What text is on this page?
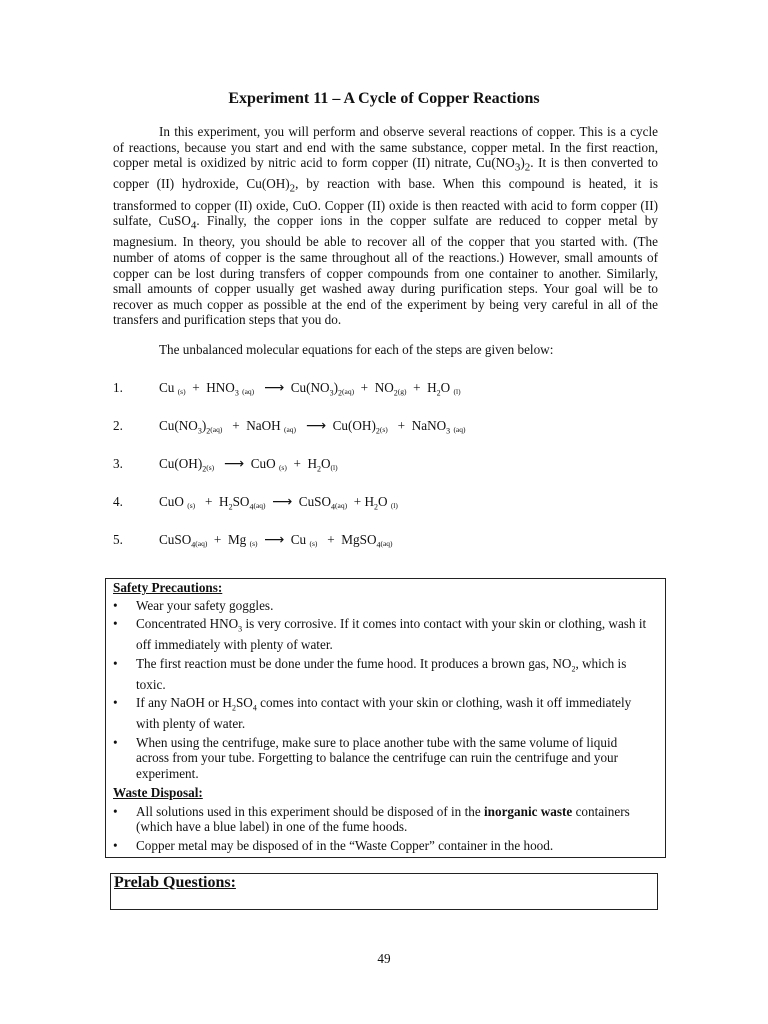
Experiment 11 – A Cycle of Copper Reactions
In this experiment, you will perform and observe several reactions of copper. This is a cycle of reactions, because you start and end with the same substance, copper metal. In the first reaction, copper metal is oxidized by nitric acid to form copper (II) nitrate, $Cu(NO_3)_2$. It is then converted to copper (II) hydroxide, $Cu(OH)_2$, by reaction with base. When this compound is heated, it is transformed to copper (II) oxide, CuO. Copper (II) oxide is then reacted with acid to form copper (II) sulfate, CuSO$_4$. Finally, the copper ions in the copper sulfate are reduced to copper metal by magnesium. In theory, you should be able to recover all of the copper that you started with. (The number of atoms of copper is the same throughout all of the reactions.) However, small amounts of copper can be lost during transfers of copper compounds from one container to another. Similarly, small amounts of copper usually get washed away during purification steps. Your goal will be to recover as much copper as possible at the end of the experiment by being very careful in all of the transfers and purification steps that you do.
The unbalanced molecular equations for each of the steps are given below:
1.	Cu $(s) + HNO_3$ (aq) ⟶  $Cu(NO_3)_2(aq) + NO_2(g) + H_2O$ (l)
2.	$Cu(NO_3)_2(aq)$   +  NaOH (aq) ⟶  $Cu(OH)_2(s)$   +  NaNO$_3$ (aq)
3.	$Cu(OH)_2(s)$ ⟶  CuO $(s) + H_2O(l)$
4.	CuO $(s) + H_2SO_4(aq)$ ⟶  CuSO$_4$(aq)  + $H_2O$ (l)
5.	CuSO$_4$(aq)  +  Mg (s) ⟶  Cu (s)   +  MgSO$_4$(aq)
Safety Precautions:
• Wear your safety goggles.
• Concentrated $HNO_3$ is very corrosive. If it comes into contact with your skin or clothing, wash it off immediately with plenty of water.
• The first reaction must be done under the fume hood. It produces a brown gas, $NO_2$, which is toxic.
• If any NaOH or $H_2SO_4$ comes into contact with your skin or clothing, wash it off immediately with plenty of water.
• When using the centrifuge, make sure to place another tube with the same volume of liquid across from your tube. Forgetting to balance the centrifuge can ruin the centrifuge and your experiment.
Waste Disposal:
• All solutions used in this experiment should be disposed of in the inorganic waste containers (which have a blue label) in one of the fume hoods.
• Copper metal may be disposed of in the “Waste Copper” container in the hood.
Prelab Questions:
49
